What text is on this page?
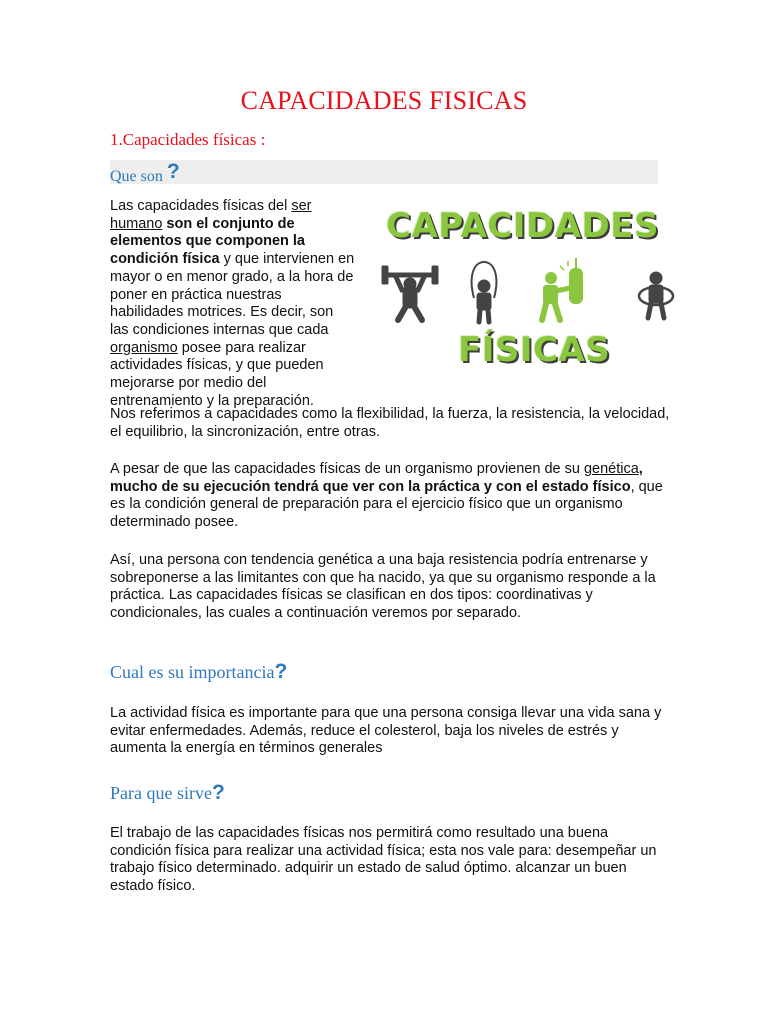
CAPACIDADES FISICAS
1.Capacidades físicas :
Que son ?
CAPACIDADES
FÍSICAS

Las capacidades físicas del ser humano son el conjunto de elementos que componen la condición física y que intervienen en mayor o en menor grado, a la hora de poner en práctica nuestras habilidades motrices. Es decir, son las condiciones internas que cada organismo posee para realizar actividades físicas, y que pueden mejorarse por medio del entrenamiento y la preparación.

Nos referimos a capacidades como la flexibilidad, la fuerza, la resistencia, la velocidad, el equilibrio, la sincronización, entre otras.

A pesar de que las capacidades físicas de un organismo provienen de su genética, mucho de su ejecución tendrá que ver con la práctica y con el estado físico, que es la condición general de preparación para el ejercicio físico que un organismo determinado posee.

Así, una persona con tendencia genética a una baja resistencia podría entrenarse y sobreponerse a las limitantes con que ha nacido, ya que su organismo responde a la práctica. Las capacidades físicas se clasifican en dos tipos: coordinativas y condicionales, las cuales a continuación veremos por separado.

Cual es su importancia?

La actividad física es importante para que una persona consiga llevar una vida sana y evitar enfermedades. Además, reduce el colesterol, baja los niveles de estrés y aumenta la energía en términos generales

Para que sirve?

El trabajo de las capacidades físicas nos permitirá como resultado una buena condición física para realizar una actividad física; esta nos vale para: desempeñar un trabajo físico determinado. adquirir un estado de salud óptimo. alcanzar un buen estado físico.
